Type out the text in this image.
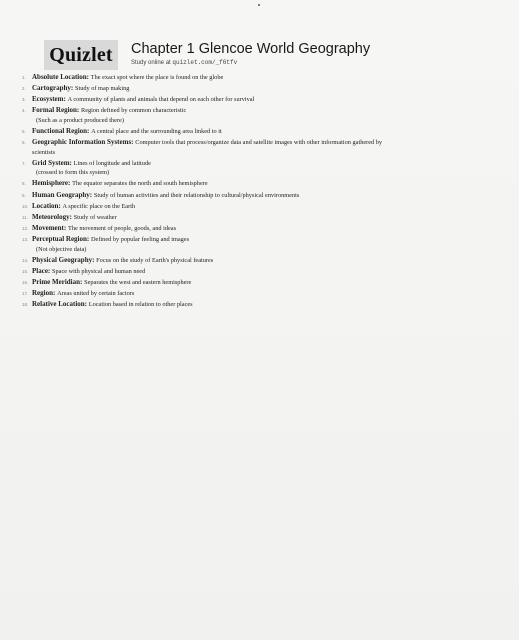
Quizlet	Chapter 1 Glencoe World Geography
Study online at quizlet.com/_f6tfv
1. Absolute Location: The exact spot where the place is found on the globe
2. Cartography: Study of map making
3. Ecosystem: A community of plants and animals that depend on each other for survival
4. Formal Region: Region defined by common characteristic
(Such as a product produced there)
5. Functional Region: A central place and the surrounding area linked to it
6. Geographic Information Systems: Computer tools that process/organize data and satellite images with other information gathered by
scientists
7. Grid System: Lines of longitude and latitude
(crossed to form this system)
8. Hemisphere: The equator separates the north and south hemisphere
9. Human Geography: Study of human activities and their relationship to cultural/physical environments
10. Location: A specific place on the Earth
11. Meteorology: Study of weather
12. Movement: The movement of people, goods, and ideas
13. Perceptual Region: Defined by popular feeling and images
(Not objective data)
14. Physical Geography: Focus on the study of Earth's physical features
15. Place: Space with physical and human need
16. Prime Meridian: Separates the west and eastern hemisphere
17. Region: Areas united by certain factors
18. Relative Location: Location based in relation to other places
